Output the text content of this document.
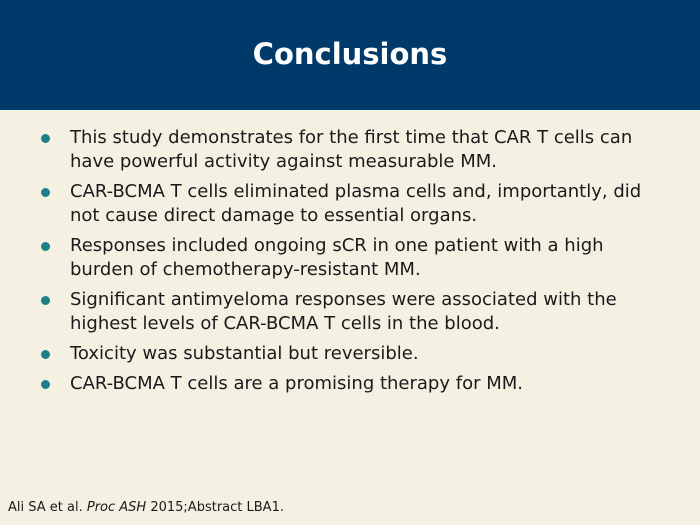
Conclusions
This study demonstrates for the first time that CAR T cells can have powerful activity against measurable MM.
CAR-BCMA T cells eliminated plasma cells and, importantly, did not cause direct damage to essential organs.
Responses included ongoing sCR in one patient with a high burden of chemotherapy-resistant MM.
Significant antimyeloma responses were associated with the highest levels of CAR-BCMA T cells in the blood.
Toxicity was substantial but reversible.
CAR-BCMA T cells are a promising therapy for MM.
Ali SA et al. Proc ASH 2015;Abstract LBA1.
